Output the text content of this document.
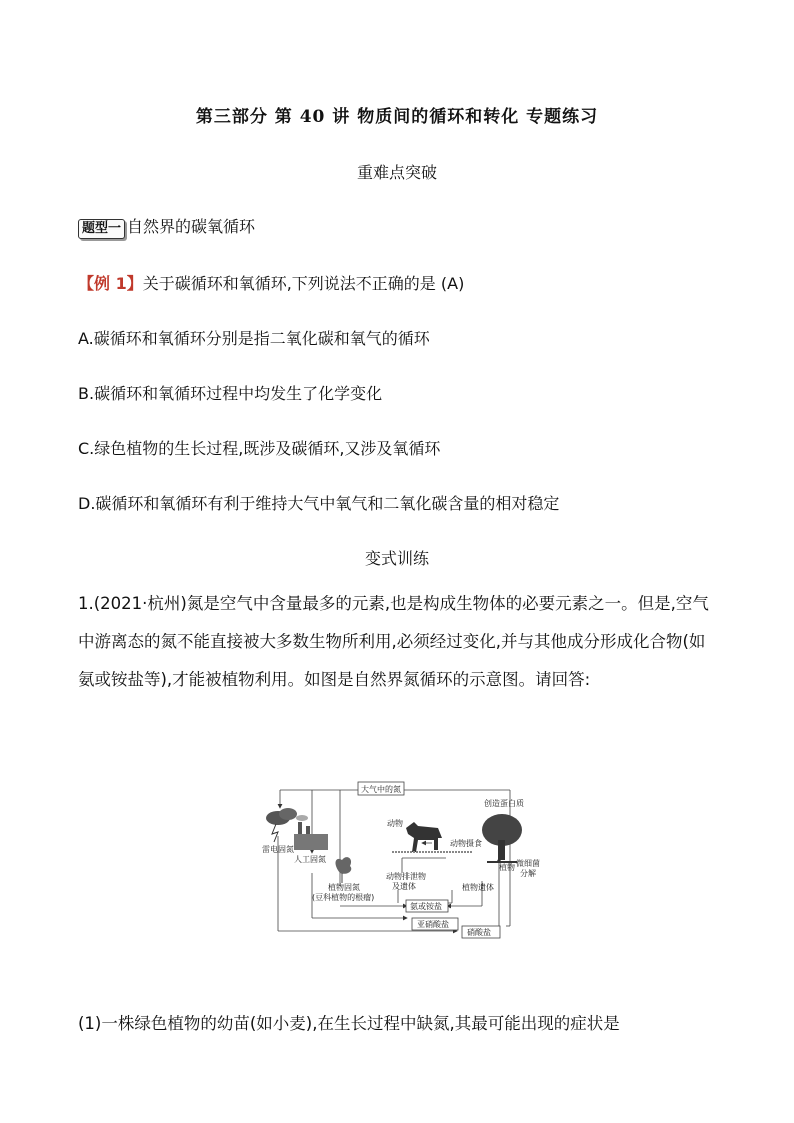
第三部分 第 40 讲 物质间的循环和转化 专题练习
重难点突破
题型一 自然界的碳氧循环
【例 1】关于碳循环和氧循环,下列说法不正确的是 (A)
A.碳循环和氧循环分别是指二氧化碳和氧气的循环
B.碳循环和氧循环过程中均发生了化学变化
C.绿色植物的生长过程,既涉及碳循环,又涉及氧循环
D.碳循环和氧循环有利于维持大气中氧气和二氧化碳含量的相对稳定
变式训练
1.(2021·杭州)氮是空气中含量最多的元素,也是构成生物体的必要元素之一。但是,空气中游离态的氮不能直接被大多数生物所利用,必须经过变化,并与其他成分形成化合物(如氨或铵盐等),才能被植物利用。如图是自然界氮循环的示意图。请回答:
大气中的氮
雷电固氮
人工固氮
动物
动物摄食
创造蛋白质
植物 微细菌
分解
动物排泄物
及遗体	植物遗体
植物固氮
(豆科植物的根瘤)
氨或铵盐
亚硝酸盐
硝酸盐
(1)一株绿色植物的幼苗(如小麦),在生长过程中缺氮,其最可能出现的症状是
